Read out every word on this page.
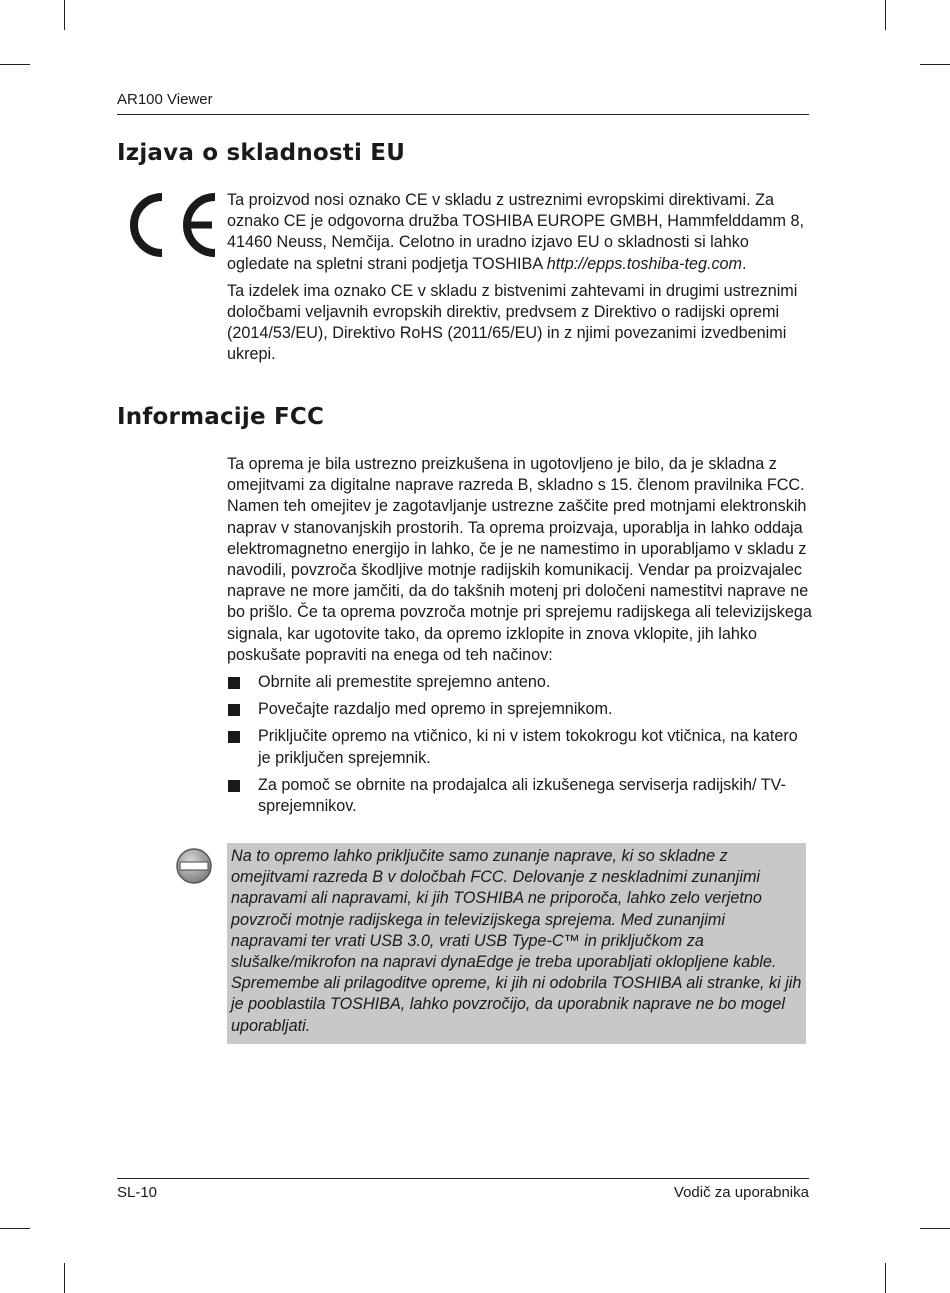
AR100 Viewer
Izjava o skladnosti EU

Ta proizvod nosi oznako CE v skladu z ustreznimi evropskimi direktivami. Za oznako CE je odgovorna družba TOSHIBA EUROPE GMBH, Hammfelddamm 8, 41460 Neuss, Nemčija. Celotno in uradno izjavo EU o skladnosti si lahko ogledate na spletni strani podjetja TOSHIBA http://epps.toshiba-teg.com.

Ta izdelek ima oznako CE v skladu z bistvenimi zahtevami in drugimi ustreznimi določbami veljavnih evropskih direktiv, predvsem z Direktivo o radijski opremi (2014/53/EU), Direktivo RoHS (2011/65/EU) in z njimi povezanimi izvedbenimi ukrepi.

Informacije FCC

Ta oprema je bila ustrezno preizkušena in ugotovljeno je bilo, da je skladna z omejitvami za digitalne naprave razreda B, skladno s 15. členom pravilnika FCC. Namen teh omejitev je zagotavljanje ustrezne zaščite pred motnjami elektronskih naprav v stanovanjskih prostorih. Ta oprema proizvaja, uporablja in lahko oddaja elektromagnetno energijo in lahko, če je ne namestimo in uporabljamo v skladu z navodili, povzroča škodljive motnje radijskih komunikacij. Vendar pa proizvajalec naprave ne more jamčiti, da do takšnih motenj pri določeni namestitvi naprave ne bo prišlo. Če ta oprema povzroča motnje pri sprejemu radijskega ali televizijskega signala, kar ugotovite tako, da opremo izklopite in znova vklopite, jih lahko poskušate popraviti na enega od teh načinov:

Obrnite ali premestite sprejemno anteno.
Povečajte razdaljo med opremo in sprejemnikom.
Priključite opremo na vtičnico, ki ni v istem tokokrogu kot vtičnica, na katero je priključen sprejemnik.
Za pomoč se obrnite na prodajalca ali izkušenega serviserja radijskih/ TV-sprejemnikov.
Na to opremo lahko priključite samo zunanje naprave, ki so skladne z omejitvami razreda B v določbah FCC. Delovanje z neskladnimi zunanjimi napravami ali napravami, ki jih TOSHIBA ne priporoča, lahko zelo verjetno povzroči motnje radijskega in televizijskega sprejema. Med zunanjimi napravami ter vrati USB 3.0, vrati USB Type-C™ in priključkom za slušalke/mikrofon na napravi dynaEdge je treba uporabljati oklopljene kable. Spremembe ali prilagoditve opreme, ki jih ni odobrila TOSHIBA ali stranke, ki jih je pooblastila TOSHIBA, lahko povzročijo, da uporabnik naprave ne bo mogel uporabljati.
SL-10	Vodič za uporabnika
